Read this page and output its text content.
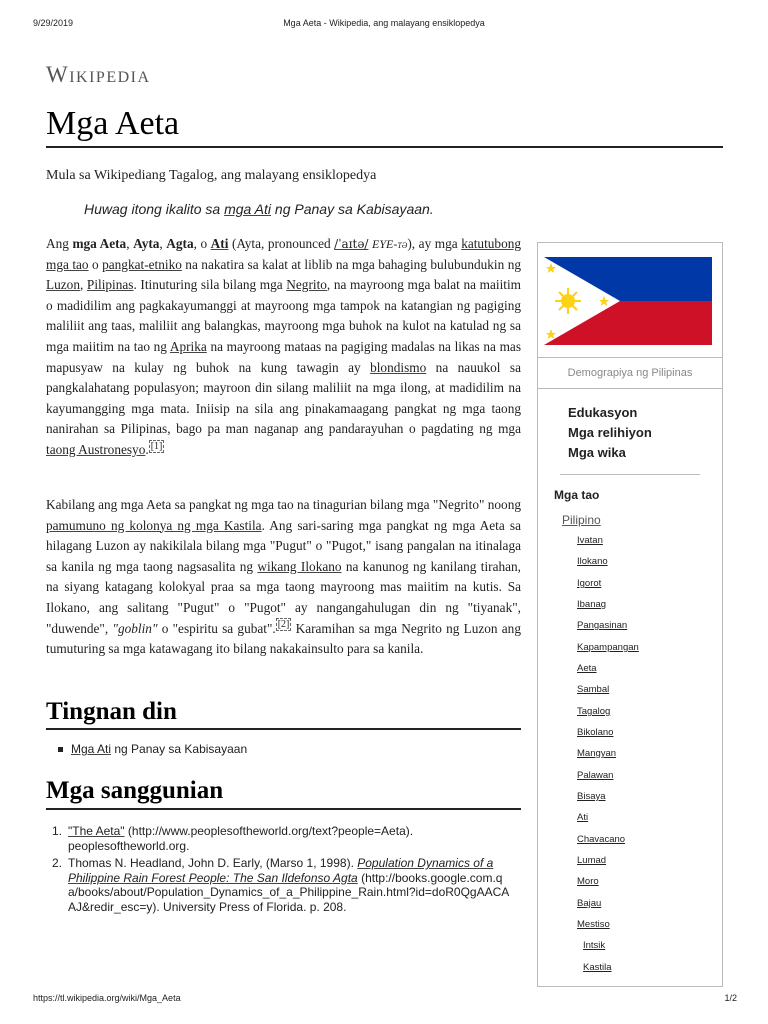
9/29/2019	Mga Aeta - Wikipedia, ang malayang ensiklopedya
Wikipedia
Mga Aeta
Mula sa Wikipediang Tagalog, ang malayang ensiklopedya
Huwag itong ikalito sa mga Ati ng Panay sa Kabisayaan.
Ang mga Aeta, Ayta, Agta, o Ati (Ayta, pronounced /ˈaɪtə/ EYE-tə), ay mga katutubong mga tao o pangkat-etniko na nakatira sa kalat at liblib na mga bahaging bulubundukin ng Luzon, Pilipinas. Itinuturing sila bilang mga Negrito, na mayroong mga balat na maiitim o madidilim ang pagkakayumanggi at mayroong mga tampok na katangian ng pagiging maliliit ang taas, maliliit ang balangkas, mayroong mga buhok na kulot na katulad ng sa mga maiitim na tao ng Aprika na mayroong mataas na pagiging madalas na likas na mas mapusyaw na kulay ng buhok na kung tawagin ay blondismo na nauukol sa pangkalahatang populasyon; mayroon din silang maliliit na mga ilong, at madidilim na kayumangging mga mata. Iniisip na sila ang pinakamaagang pangkat ng mga taong nanirahan sa Pilipinas, bago pa man naganap ang pandarayuhan o pagdating ng mga taong Austronesyo. [1]
Kabilang ang mga Aeta sa pangkat ng mga tao na tinagurian bilang mga "Negrito" noong pamumuno ng kolonya ng mga Kastila. Ang sari-saring mga pangkat ng mga Aeta sa hilagang Luzon ay nakikilala bilang mga "Pugut" o "Pugot," isang pangalan na itinalaga sa kanila ng mga taong nagsasalita ng wikang Ilokano na kanunog ng kanilang tirahan, na siyang katagang kolokyal praa sa mga taong mayroong mas maiitim na kutis. Sa Ilokano, ang salitang "Pugut" o "Pugot" ay nangangahulugan din ng "tiyanak", "duwende", "goblin" o "espiritu sa gubat". [2] Karamihan sa mga Negrito ng Luzon ang tumuturing sa mga katawagang ito bilang nakakainsulto para sa kanila.
Tingnan din
Mga Ati ng Panay sa Kabisayaan
Mga sanggunian
1. "The Aeta" (http://www.peoplesoftheworld.org/text?people=Aeta). peoplesoftheworld.org.
2. Thomas N. Headland, John D. Early, (Marso 1, 1998). Population Dynamics of a Philippine Rain Forest People: The San Ildefonso Agta (http://books.google.com.q a/books/about/Population_Dynamics_of_a_Philippine_Rain.html?id=doR0QgAACA AJ&redir_esc=y). University Press of Florida. p. 208.
Demograpiya ng Pilipinas
Edukasyon
Mga relihiyon
Mga wika
Mga tao
Pilipino
Ivatan
Ilokano
Igorot
Ibanag
Pangasinan
Kapampangan
Aeta
Sambal
Tagalog
Bikolano
Mangyan
Palawan
Bisaya
Ati
Chavacano
Lumad
Moro
Bajau
Mestiso
Intsik
Kastila
https://tl.wikipedia.org/wiki/Mga_Aeta	1/2
